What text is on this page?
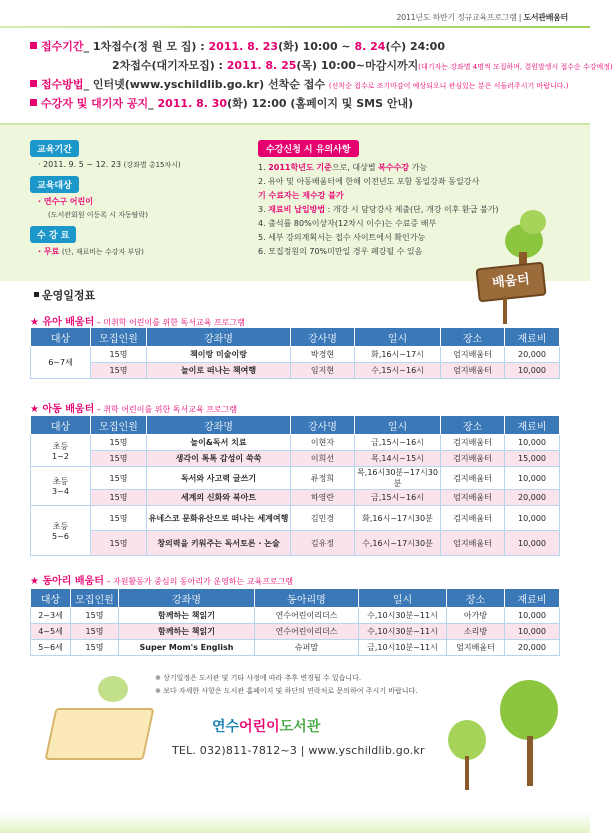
2011년도 하반기 정규교육프로그램 | 도서관배움터
접수기간_ 1차접수(정 원 모 집) : 2011. 8. 23(화) 10:00 ~ 8. 24(수) 24:00
2차접수(대기자모집) : 2011. 8. 25(목) 10:00~마감시까지(대기자는 강좌별 4명씩 모집하며, 결원발생시 접수순 수강예정)
접수방법_ 인터넷(www.yschildlib.go.kr) 선착순 접수 (선착순 접수로 조기마감이 예상되오니 관심있는 분은 서둘러주시기 바랍니다.)
수강자 및 대기자 공지_ 2011. 8. 30(화) 12:00 (홈페이지 및 SMS 안내)
교육기간
· 2011. 9. 5 ~ 12. 23 (강좌별 총15차시)
교육대상
· 연수구 어린이
(도서관회원 이등록 시 자동탈락)
수 강 료
· 무료 (단, 재료비는 수강자 부담)
수강신청 시 유의사항
1. 2011학년도 기준으로, 대상별 복수수강 가능
2. 유아 및 아동배움터에 한해 이전년도 포함 동일강좌 동일강사
기 수료자는 재수강 불가
3. 재료비 납입방법 : 개강 시 담당강사 제출(단, 개강 이후 환급 불가)
4. 출석률 80%이상자(12차시 이수)는 수료증 배부
5. 세부 강의계획서는 접수 사이트에서 확인가능
6. 모집정원의 70%미만일 경우 폐강될 수 있음
배움터
운영일정표
★ 유아 배움터 – 미취학 어린이를 위한 독서교육 프로그램
대상	모집인원	강좌명	강사명	일시	장소	재료비
6~7세	15명	책이랑 미술이랑	박경현	화,16시~17시	엄지배움터	20,000
	15명	놀이로 떠나는 책여행	임지현	수,15시~16시	엄지배움터	10,000
★ 아동 배움터 – 취학 어린이를 위한 독서교육 프로그램
대상	모집인원	강좌명	강사명	일시	장소	재료비
초등
1~2	15명	놀이&독서 치료	이현자	금,15시~16시	검지배움터	10,000
	15명	생각이 톡톡 감성이 쑥쑥	이희선	목,14시~15시	검지배움터	15,000
초등
3~4	15명	독서와 사고력 글쓰기	류정희	목,16시30분~17시30분	검지배움터	10,000
	15명	세계의 신화와 북아트	하영란	금,15시~16시	엄지배움터	20,000
초등
5~6	15명	유네스코 문화유산으로 떠나는 세계여행	김민경	화,16시~17시30분	검지배움터	10,000
	15명	창의력을 키워주는 독서토론 · 논술	김유정	수,16시~17시30분	엄지배움터	10,000
★ 동아리 배움터 – 자원활동가 중심의 동아리가 운영하는 교육프로그램
대상	모집인원	강좌명	동아리명	일시	장소	재료비
2~3세	15명	함께하는 책읽기	연수어린이리더스	수,10시30분~11시	아가방	10,000
4~5세	15명	함께하는 책읽기	연수어린이리더스	수,10시30분~11시	소리방	10,000
5~6세	15명	Super Mom's English	슈퍼맘	금,10시10분~11시	엄지배움터	20,000
※ 상기일정은 도서관 및 기타 사정에 따라 추후 변경될 수 있습니다.
※ 보다 자세한 사항은 도서관 홈페이지 및 하단의 연락처로 문의하여 주시기 바랍니다.
연수어린이도서관
TEL. 032)811-7812~3 | www.yschildlib.go.kr
